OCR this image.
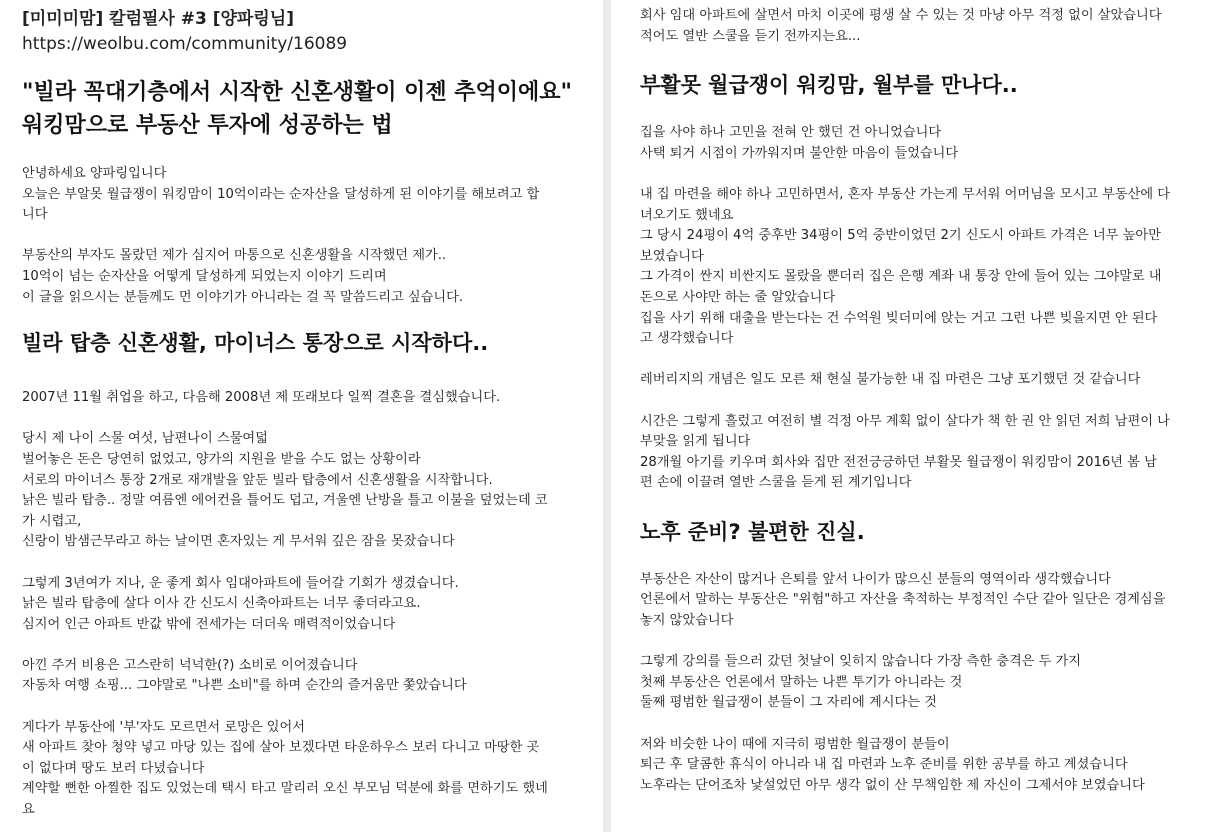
[미미미맘] 칼럼필사 #3 [양파링님]
https://weolbu.com/community/16089
"빌라 꼭대기층에서 시작한 신혼생활이 이젠 추억이에요"
워킹맘으로 부동산 투자에 성공하는 법

안녕하세요 양파링입니다

오늘은 부알못 월급쟁이 워킹맘이 10억이라는 순자산을 달성하게 된 이야기를 해보려고 합

니다

부동산의 부자도 몰랐던 제가 심지어 마통으로 신혼생활을 시작했던 제가..

10억이 넘는 순자산을 어떻게 달성하게 되었는지 이야기 드리며

이 글을 읽으시는 분들께도 먼 이야기가 아니라는 걸 꼭 말씀드리고 싶습니다.

빌라 탑층 신혼생활, 마이너스 통장으로 시작하다..

2007년 11월 취업을 하고, 다음해 2008년 제 또래보다 일찍 결혼을 결심했습니다.

당시 제 나이 스물 여섯, 남편나이 스물여덟

벌어놓은 돈은 당연히 없었고, 양가의 지원을 받을 수도 없는 상황이라

서로의 마이너스 통장 2개로 재개발을 앞둔 빌라 탑층에서 신혼생활을 시작합니다.

낡은 빌라 탑층.. 정말 여름엔 에어컨을 틀어도 덥고, 겨울엔 난방을 틀고 이불을 덮었는데 코

가 시렵고,

신랑이 밤샘근무라고 하는 날이면 혼자있는 게 무서워 깊은 잠을 못잤습니다

그렇게 3년여가 지나, 운 좋게 회사 임대아파트에 들어갈 기회가 생겼습니다.

낡은 빌라 탑층에 살다 이사 간 신도시 신축아파트는 너무 좋더라고요.

심지어 인근 아파트 반값 밖에 전세가는 더더욱 매력적이었습니다

아낀 주거 비용은 고스란히 넉넉한(?) 소비로 이어졌습니다

자동차 여행 쇼핑... 그야말로 "나쁜 소비"를 하며 순간의 즐거움만 쫓았습니다

게다가 부동산에 '부'자도 모르면서 로망은 있어서

새 아파트 찾아 청약 넣고 마당 있는 집에 살아 보겠다면 타운하우스 보러 다니고 마땅한 곳

이 없다며 땅도 보러 다녔습니다

계약할 뻔한 아찔한 집도 있었는데 택시 타고 말리러 오신 부모님 덕분에 화를 면하기도 했네

요

회사 임대 아파트에 살면서 마치 이곳에 평생 살 수 있는 것 마냥 아무 걱정 없이 살았습니다

적어도 열반 스쿨을 듣기 전까지는요...

부활못 월급쟁이 워킹맘, 월부를 만나다..

집을 사야 하나 고민을 전혀 안 했던 건 아니었습니다

사택 퇴거 시점이 가까워지며 불안한 마음이 들었습니다

내 집 마련을 해야 하나 고민하면서, 혼자 부동산 가는게 무서워 어머님을 모시고 부동산에 다

녀오기도 했네요

그 당시 24평이 4억 중후반 34평이 5억 중반이었던 2기 신도시 아파트 가격은 너무 높아만

보였습니다

그 가격이 싼지 비싼지도 몰랐을 뿐더러 집은 은행 계좌 내 통장 안에 들어 있는 그야말로 내

돈으로 사야만 하는 줄 알았습니다

집을 사기 위해 대출을 받는다는 건 수억원 빚더미에 앉는 거고 그런 나쁜 빚을지면 안 된다

고 생각했습니다

레버리지의 개념은 일도 모른 채 현실 불가능한 내 집 마련은 그냥 포기했던 것 같습니다

시간은 그렇게 흘렀고 여전히 별 걱정 아무 계획 없이 살다가 책 한 권 안 읽던 저희 남편이 나

부맞을 읽게 됩니다

28개월 아기를 키우며 회사와 집만 전전긍긍하던 부활못 월급쟁이 워킹맘이 2016년 봄 남

편 손에 이끌려 열반 스쿨을 듣게 된 계기입니다

노후 준비? 불편한 진실.

부동산은 자산이 많거나 은퇴를 앞서 나이가 많으신 분들의 영역이라 생각했습니다

언론에서 말하는 부동산은 "위험"하고 자산을 축적하는 부정적인 수단 같아 일단은 경계심을

놓지 않았습니다

그렇게 강의를 들으러 갔던 첫날이 잊히지 않습니다 가장 측한 충격은 두 가지

첫째 부동산은 언론에서 말하는 나쁜 투기가 아니라는 것

둘째 평범한 월급쟁이 분들이 그 자리에 계시다는 것

저와 비슷한 나이 때에 지극히 평범한 월급쟁이 분들이

퇴근 후 달콤한 휴식이 아니라 내 집 마련과 노후 준비를 위한 공부를 하고 계셨습니다

노후라는 단어조차 낯설었던 아무 생각 없이 산 무책임한 제 자신이 그제서야 보였습니다
